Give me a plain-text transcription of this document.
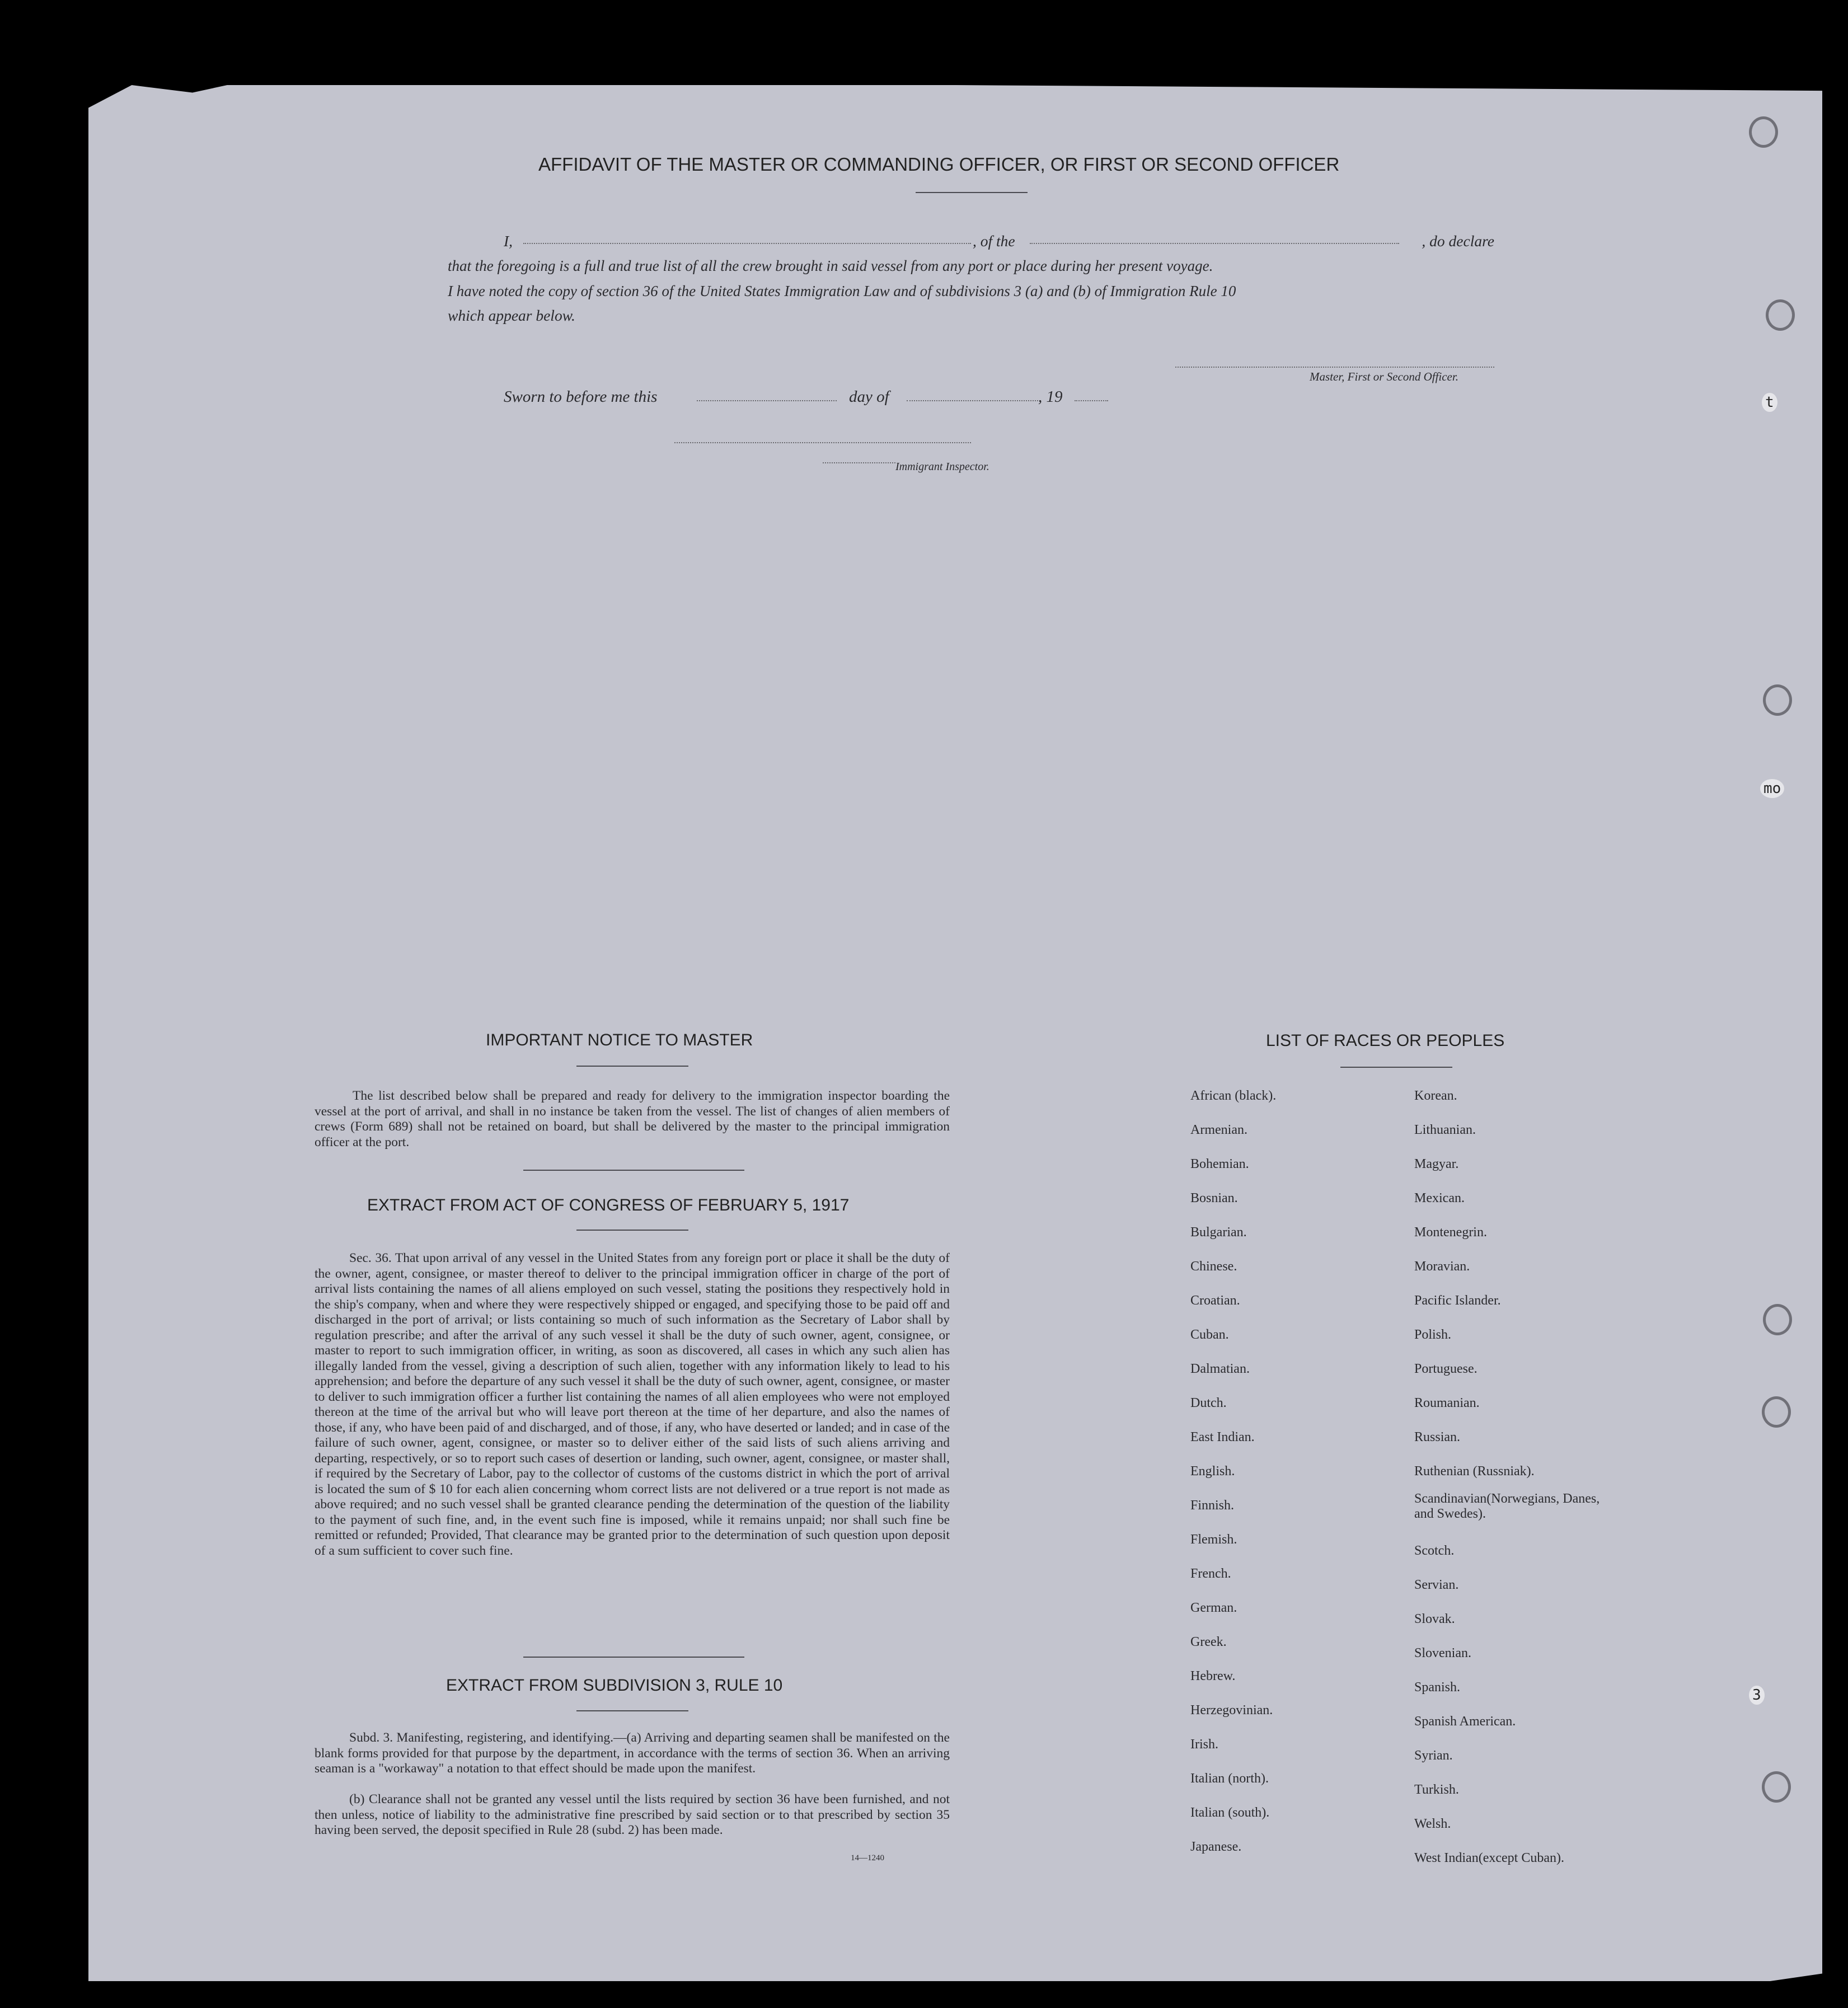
t
mo
3
AFFIDAVIT OF THE MASTER OR COMMANDING OFFICER, OR FIRST OR SECOND OFFICER
I,	, of the	, do declare
that the foregoing is a full and true list of all the crew brought in said vessel from any port or place during her present voyage.
I have noted the copy of section 36 of the United States Immigration Law and of subdivisions 3 (a) and (b) of Immigration Rule 10
which appear below.
Master, First or Second Officer.
Sworn to before me this	day of	, 19
Immigrant Inspector.
IMPORTANT NOTICE TO MASTER
The list described below shall be prepared and ready for delivery to the immigration inspector boarding the vessel at the port of arrival, and shall in no instance be taken from the vessel. The list of changes of alien members of crews (Form 689) shall not be retained on board, but shall be delivered by the master to the principal immigration officer at the port.
EXTRACT FROM ACT OF CONGRESS OF FEBRUARY 5, 1917
Sec. 36. That upon arrival of any vessel in the United States from any foreign port or place it shall be the duty of the owner, agent, consignee, or master thereof to deliver to the principal immigration officer in charge of the port of arrival lists containing the names of all aliens employed on such vessel, stating the positions they respectively hold in the ship's company, when and where they were respectively shipped or engaged, and specifying those to be paid off and discharged in the port of arrival; or lists containing so much of such information as the Secretary of Labor shall by regulation prescribe; and after the arrival of any such vessel it shall be the duty of such owner, agent, consignee, or master to report to such immigration officer, in writing, as soon as discovered, all cases in which any such alien has illegally landed from the vessel, giving a description of such alien, together with any information likely to lead to his apprehension; and before the departure of any such vessel it shall be the duty of such owner, agent, consignee, or master to deliver to such immigration officer a further list containing the names of all alien employees who were not employed thereon at the time of the arrival but who will leave port thereon at the time of her departure, and also the names of those, if any, who have been paid of and discharged, and of those, if any, who have deserted or landed; and in case of the failure of such owner, agent, consignee, or master so to deliver either of the said lists of such aliens arriving and departing, respectively, or so to report such cases of desertion or landing, such owner, agent, consignee, or master shall, if required by the Secretary of Labor, pay to the collector of customs of the customs district in which the port of arrival is located the sum of $ 10 for each alien concerning whom correct lists are not delivered or a true report is not made as above required; and no such vessel shall be granted clearance pending the determination of the question of the liability to the payment of such fine, and, in the event such fine is imposed, while it remains unpaid; nor shall such fine be remitted or refunded; Provided, That clearance may be granted prior to the determination of such question upon deposit of a sum sufficient to cover such fine.
EXTRACT FROM SUBDIVISION 3, RULE 10
Subd. 3. Manifesting, registering, and identifying.—(a) Arriving and departing seamen shall be manifested on the blank forms provided for that purpose by the department, in accordance with the terms of section 36. When an arriving seaman is a "workaway" a notation to that effect should be made upon the manifest.
(b) Clearance shall not be granted any vessel until the lists required by section 36 have been furnished, and not then unless, notice of liability to the administrative fine prescribed by said section or to that prescribed by section 35 having been served, the deposit specified in Rule 28 (subd. 2) has been made.
14—1240
LIST OF RACES OR PEOPLES
African (black).
Armenian.
Bohemian.
Bosnian.
Bulgarian.
Chinese.
Croatian.
Cuban.
Dalmatian.
Dutch.
East Indian.
English.
Finnish.
Flemish.
French.
German.
Greek.
Hebrew.
Herzegovinian.
Irish.
Italian (north).
Italian (south).
Japanese.
Korean.
Lithuanian.
Magyar.
Mexican.
Montenegrin.
Moravian.
Pacific Islander.
Polish.
Portuguese.
Roumanian.
Russian.
Ruthenian (Russniak).
Scandinavian(Norwegians, Danes, and Swedes).
Scotch.
Servian.
Slovak.
Slovenian.
Spanish.
Spanish American.
Syrian.
Turkish.
Welsh.
West Indian(except Cuban).
